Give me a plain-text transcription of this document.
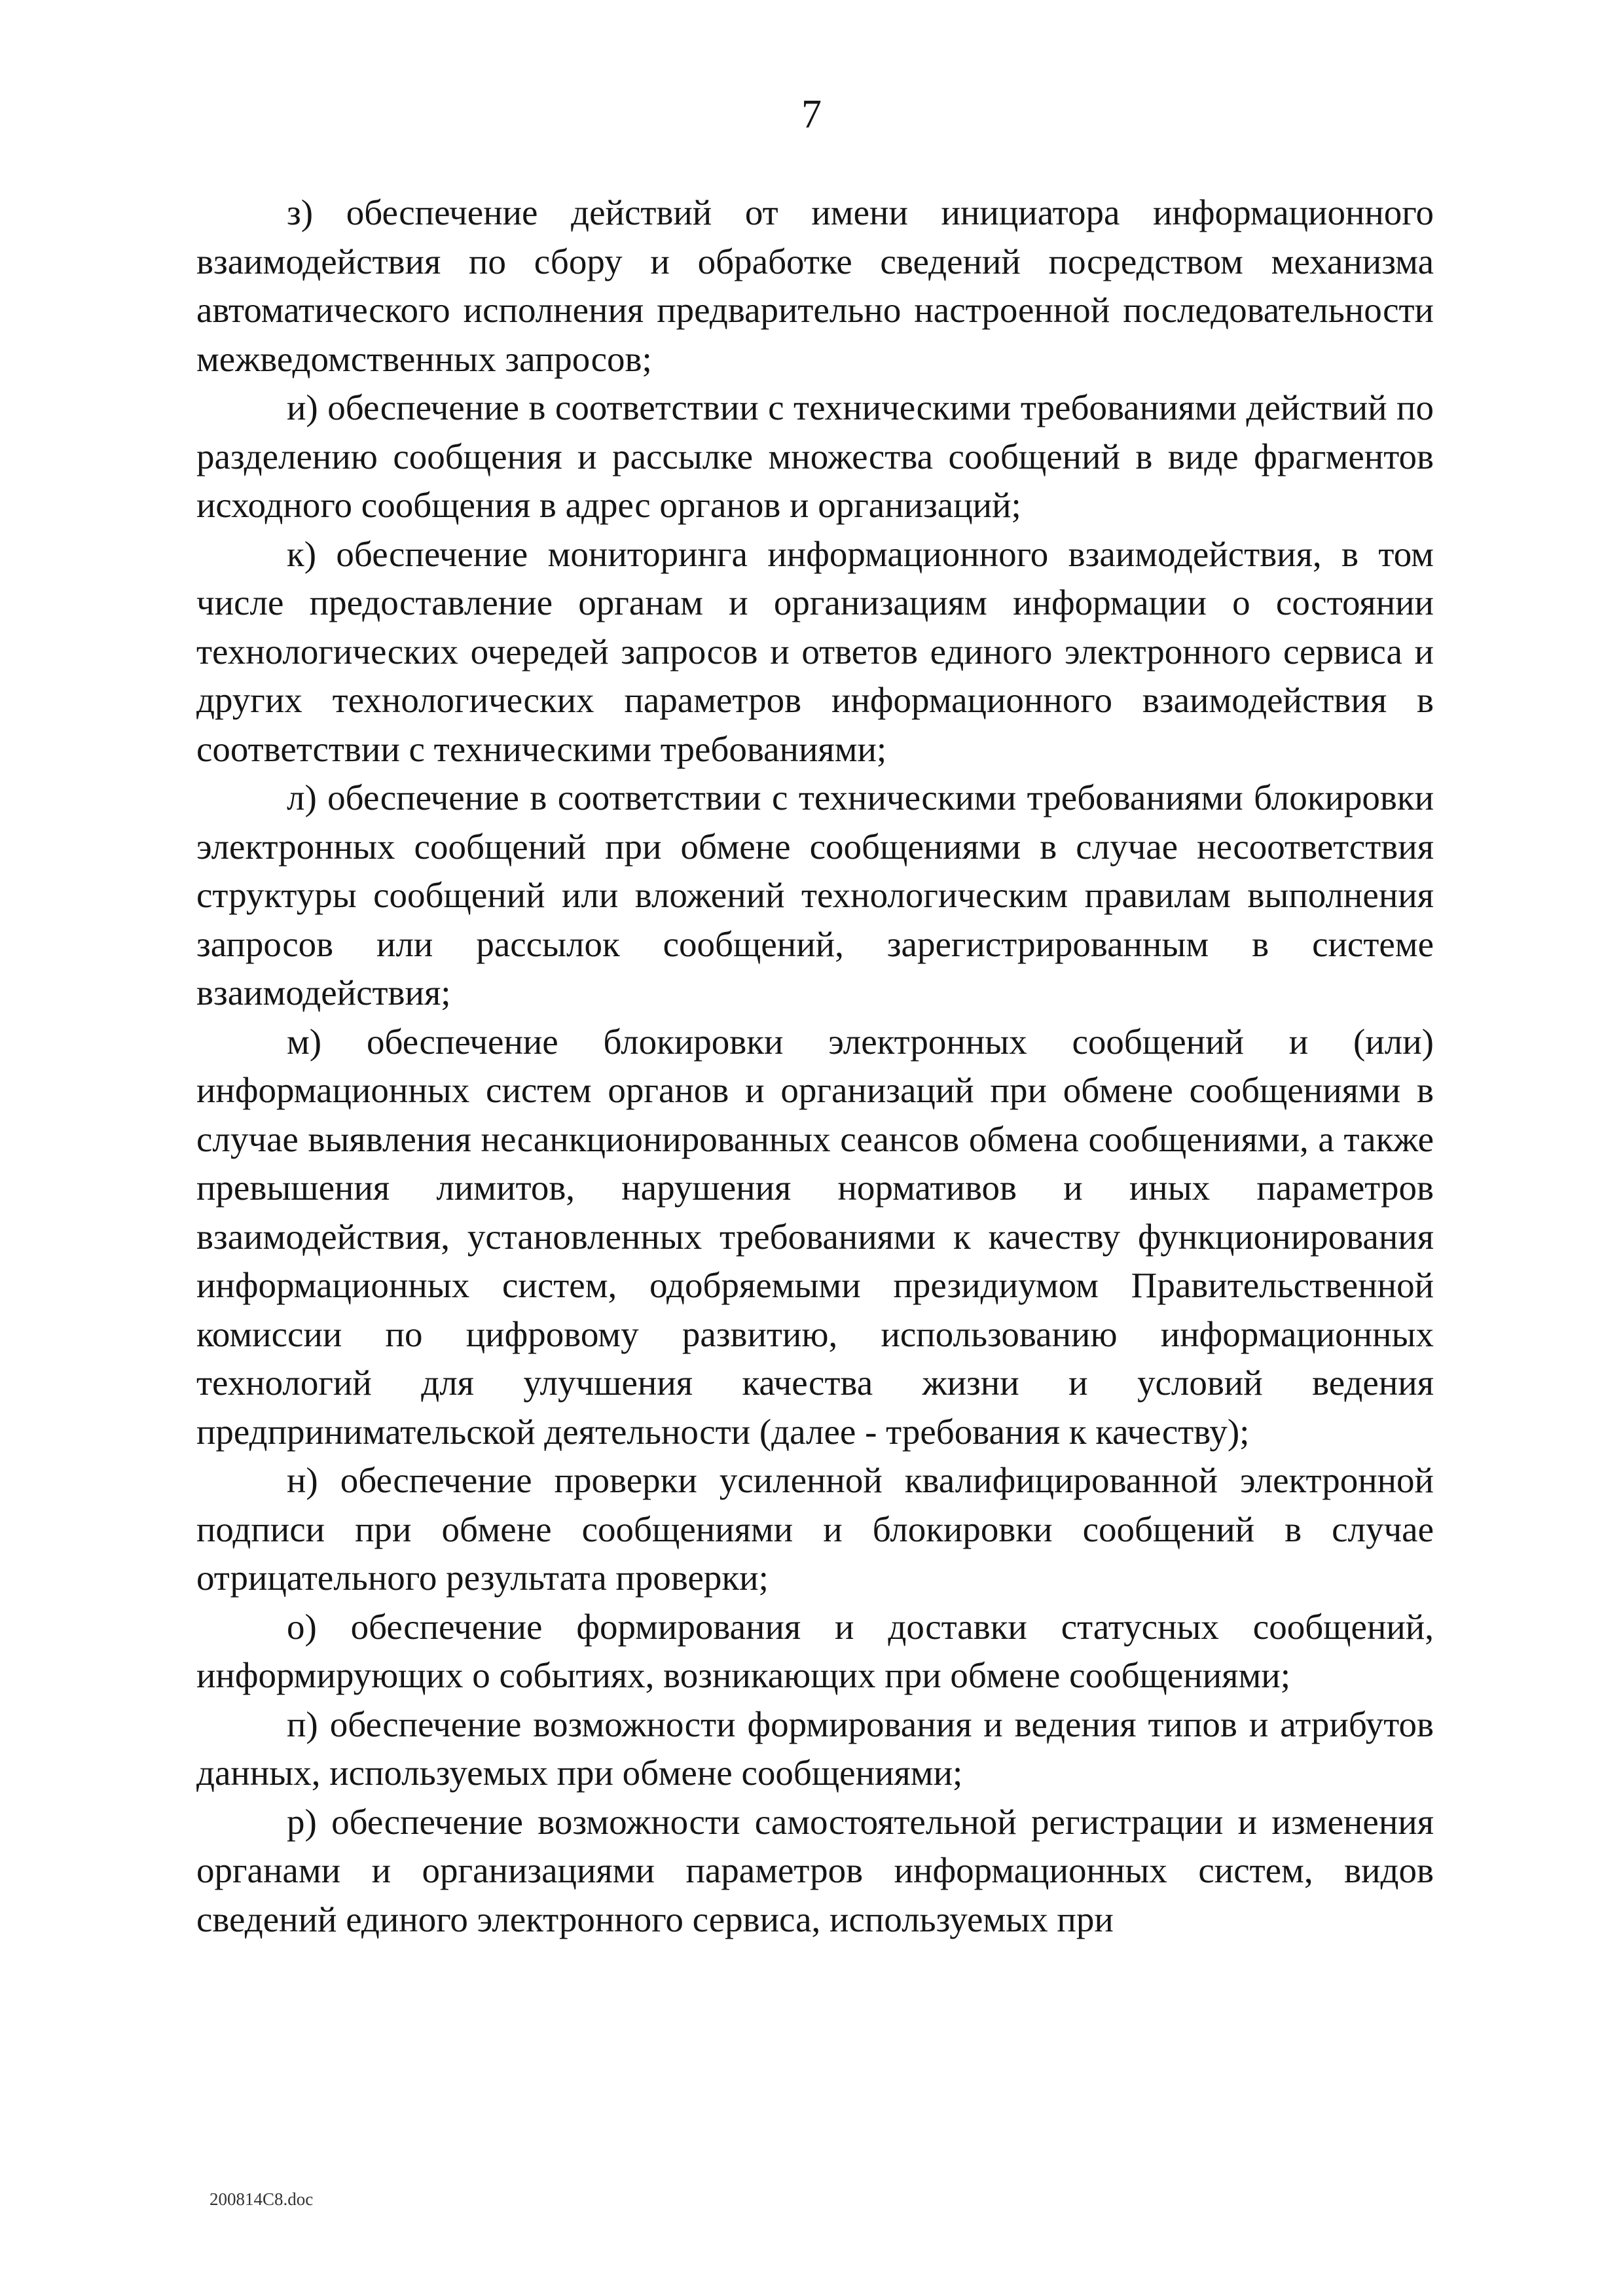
7

з) обеспечение действий от имени инициатора информационного взаимодействия по сбору и обработке сведений посредством механизма автоматического исполнения предварительно настроенной последовательности межведомственных запросов;

и) обеспечение в соответствии с техническими требованиями действий по разделению сообщения и рассылке множества сообщений в виде фрагментов исходного сообщения в адрес органов и организаций;

к) обеспечение мониторинга информационного взаимодействия, в том числе предоставление органам и организациям информации о состоянии технологических очередей запросов и ответов единого электронного сервиса и других технологических параметров информационного взаимодействия в соответствии с техническими требованиями;

л) обеспечение в соответствии с техническими требованиями блокировки электронных сообщений при обмене сообщениями в случае несоответствия структуры сообщений или вложений технологическим правилам выполнения запросов или рассылок сообщений, зарегистрированным в системе взаимодействия;

м) обеспечение блокировки электронных сообщений и (или) информационных систем органов и организаций при обмене сообщениями в случае выявления несанкционированных сеансов обмена сообщениями, а также превышения лимитов, нарушения нормативов и иных параметров взаимодействия, установленных требованиями к качеству функционирования информационных систем, одобряемыми президиумом Правительственной комиссии по цифровому развитию, использованию информационных технологий для улучшения качества жизни и условий ведения предпринимательской деятельности (далее - требования к качеству);

н) обеспечение проверки усиленной квалифицированной электронной подписи при обмене сообщениями и блокировки сообщений в случае отрицательного результата проверки;

о) обеспечение формирования и доставки статусных сообщений, информирующих о событиях, возникающих при обмене сообщениями;

п) обеспечение возможности формирования и ведения типов и атрибутов данных, используемых при обмене сообщениями;

р) обеспечение возможности самостоятельной регистрации и изменения органами и организациями параметров информационных систем, видов сведений единого электронного сервиса, используемых при

200814C8.doc
